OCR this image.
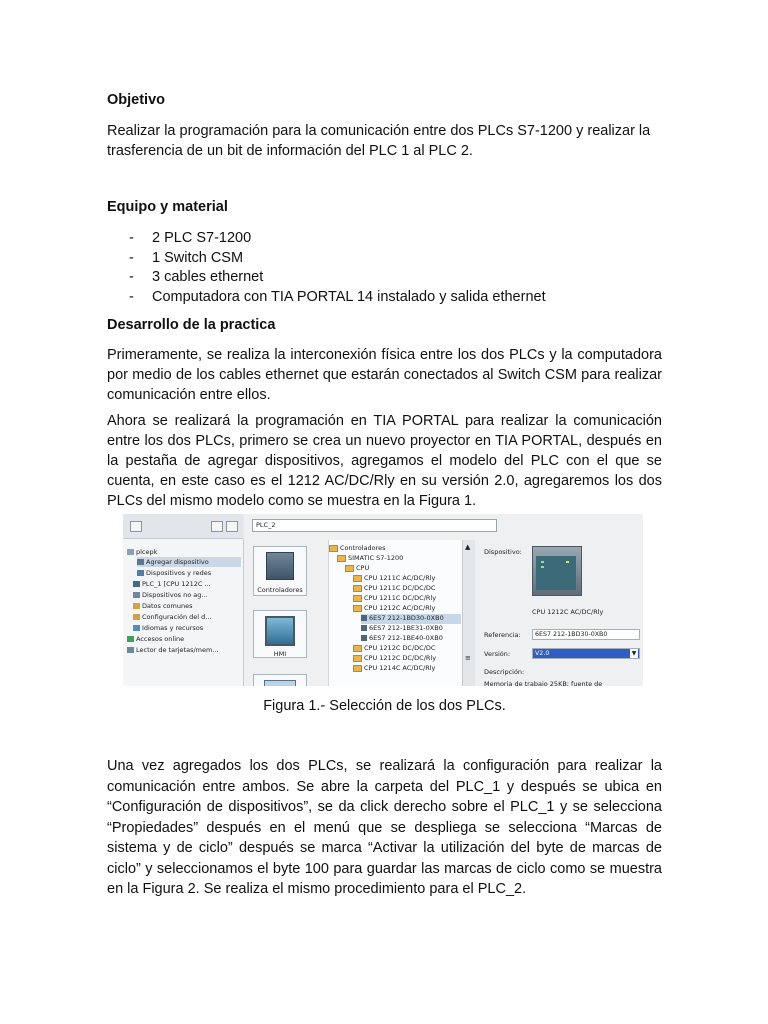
Objetivo

Realizar la programación para la comunicación entre dos PLCs S7-1200 y realizar la trasferencia de un bit de información del PLC 1 al PLC 2.

Equipo y material
- 2 PLC S7-1200
- 1 Switch CSM
- 3 cables ethernet
- Computadora con TIA PORTAL 14 instalado y salida ethernet
Desarrollo de la practica

Primeramente, se realiza la interconexión física entre los dos PLCs y la computadora por medio de los cables ethernet que estarán conectados al Switch CSM para realizar comunicación entre ellos.

Ahora se realizará la programación en TIA PORTAL para realizar la comunicación entre los dos PLCs, primero se crea un nuevo proyector en TIA PORTAL, después en la pestaña de agregar dispositivos, agregamos el modelo del PLC con el que se cuenta, en este caso es el 1212 AC/DC/Rly en su versión 2.0, agregaremos los dos PLCs del mismo modelo como se muestra en la Figura 1.

Figura 1.- Selección de los dos PLCs.

Una vez agregados los dos PLCs, se realizará la configuración para realizar la comunicación entre ambos. Se abre la carpeta del PLC_1 y después se ubica en “Configuración de dispositivos”, se da click derecho sobre el PLC_1 y se selecciona “Propiedades” después en el menú que se despliega se selecciona “Marcas de sistema y de ciclo” después se marca “Activar la utilización del byte de marcas de ciclo” y seleccionamos el byte 100 para guardar las marcas de ciclo como se muestra en la Figura 2. Se realiza el mismo procedimiento para el PLC_2.

plcepk
Agregar dispositivo
Dispositivos y redes
PLC_1 [CPU 1212C ...
Dispositivos no ag...
Datos comunes
Configuración del d...
Idiomas y recursos
Accesos online
Lector de tarjetas/mem...
PLC_2
Controladores
HMI
Controladores
SIMATIC S7-1200
CPU
CPU 1211C AC/DC/Rly
CPU 1211C DC/DC/DC
CPU 1211C DC/DC/Rly
CPU 1212C AC/DC/Rly
6ES7 212-1BD30-0XB0
6ES7 212-1BE31-0XB0
6ES7 212-1BE40-0XB0
CPU 1212C DC/DC/DC
CPU 1212C DC/DC/Rly
CPU 1214C AC/DC/Rly
▲
≡
Dispositivo:
CPU 1212C AC/DC/Rly
Referencia:	6ES7 212-1BD30-0XB0
Versión:	V2.0	▼
Descripción:
Memoria de trabajo 25KB; fuente de
